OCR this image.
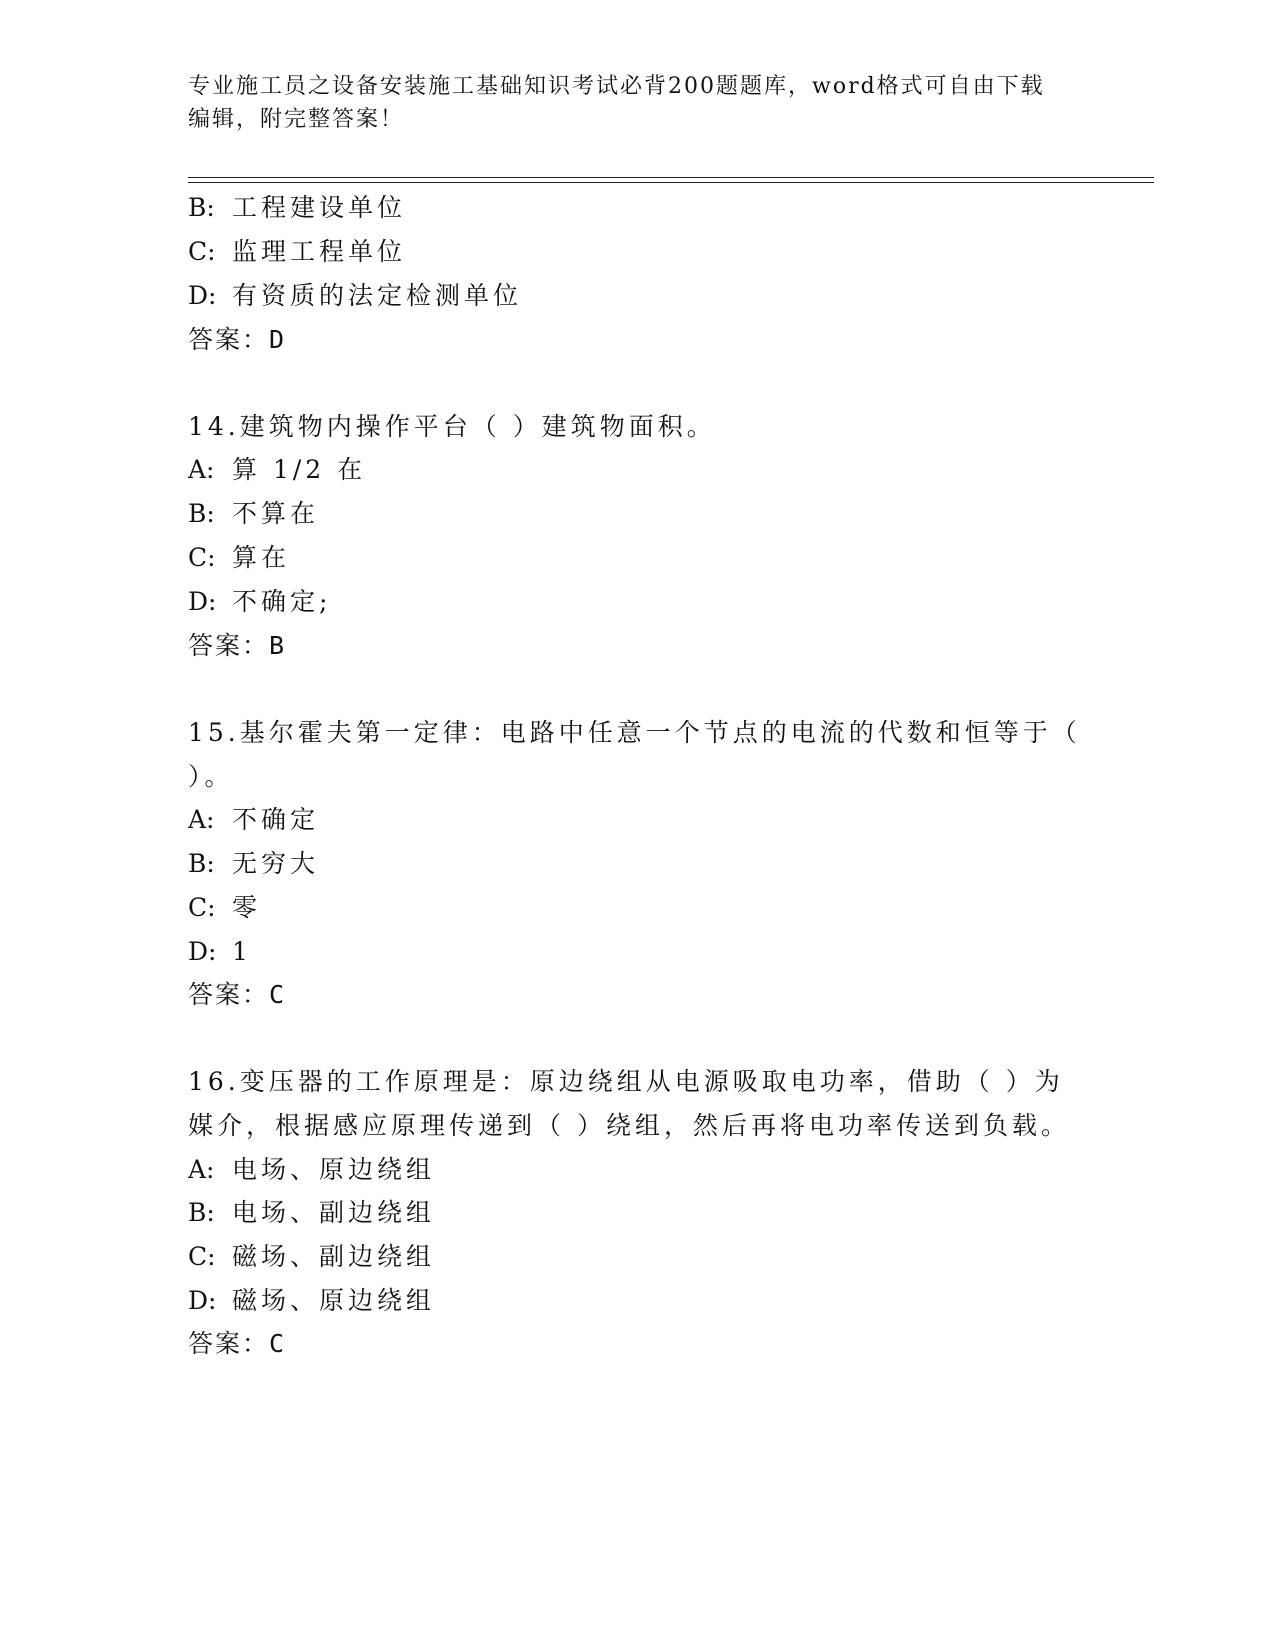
专业施工员之设备安装施工基础知识考试必背200题题库，word格式可自由下载
编辑，附完整答案！
B: 工程建设单位
C: 监理工程单位
D: 有资质的法定检测单位
答案：D
14.建筑物内操作平台（ ）建筑物面积。
A: 算 1/2 在
B: 不算在
C: 算在
D: 不确定;
答案：B
15.基尔霍夫第一定律：电路中任意一个节点的电流的代数和恒等于（
）。
A: 不确定
B: 无穷大
C: 零
D: 1
答案：C
16.变压器的工作原理是：原边绕组从电源吸取电功率，借助（ ）为
媒介，根据感应原理传递到（ ）绕组，然后再将电功率传送到负载。
A: 电场、原边绕组
B: 电场、副边绕组
C: 磁场、副边绕组
D: 磁场、原边绕组
答案：C
